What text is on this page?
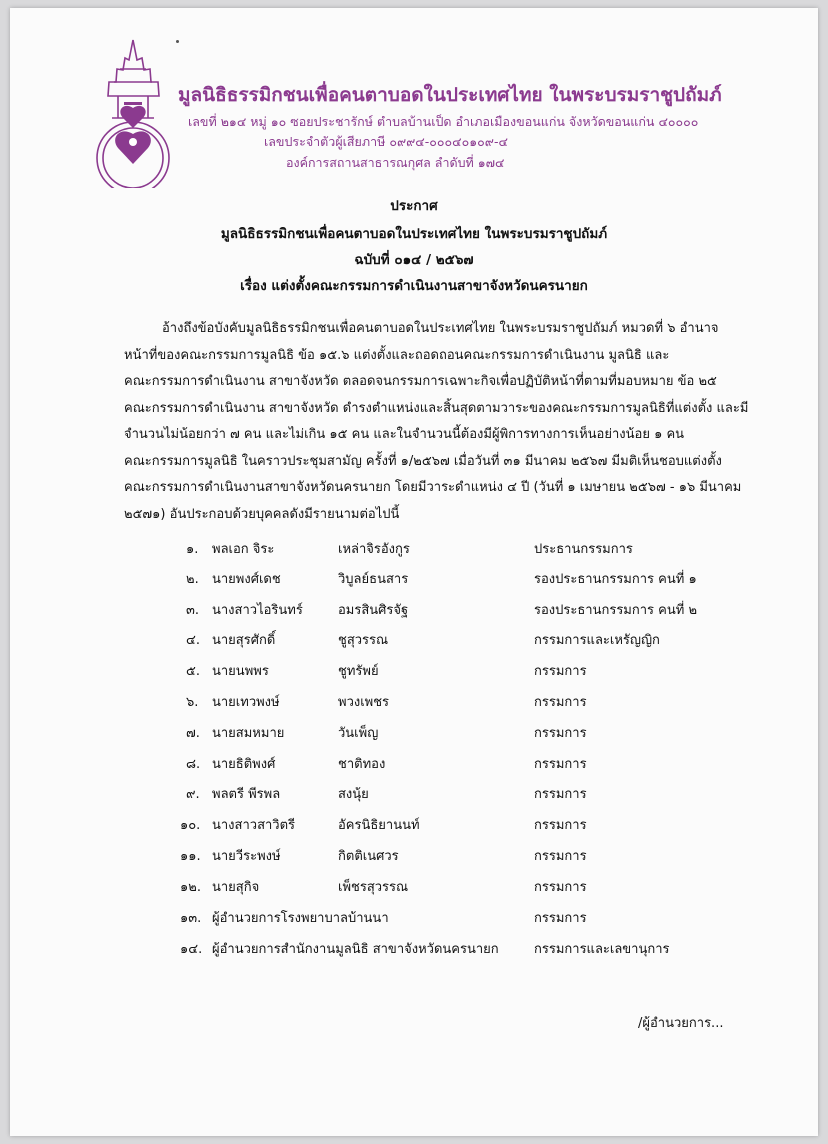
มูลนิธิธรรมิกชนเพื่อคนตาบอดในประเทศไทย ในพระบรมราชูปถัมภ์
เลขที่ ๒๑๔ หมู่ ๑๐ ซอยประชารักษ์ ตำบลบ้านเป็ด อำเภอเมืองขอนแก่น จังหวัดขอนแก่น ๔๐๐๐๐
เลขประจำตัวผู้เสียภาษี ๐๙๙๔-๐๐๐๔๐๑๐๙-๔
องค์การสถานสาธารณกุศล ลำดับที่ ๑๗๔
ประกาศ
มูลนิธิธรรมิกชนเพื่อคนตาบอดในประเทศไทย ในพระบรมราชูปถัมภ์
ฉบับที่ ๐๑๔ / ๒๕๖๗
เรื่อง แต่งตั้งคณะกรรมการดำเนินงานสาขาจังหวัดนครนายก
อ้างถึงข้อบังคับมูลนิธิธรรมิกชนเพื่อคนตาบอดในประเทศไทย ในพระบรมราชูปถัมภ์ หมวดที่ ๖ อำนาจ
หน้าที่ของคณะกรรมการมูลนิธิ ข้อ ๑๕.๖ แต่งตั้งและถอดถอนคณะกรรมการดำเนินงาน มูลนิธิ และ
คณะกรรมการดำเนินงาน สาขาจังหวัด ตลอดจนกรรมการเฉพาะกิจเพื่อปฏิบัติหน้าที่ตามที่มอบหมาย ข้อ ๒๕
คณะกรรมการดำเนินงาน สาขาจังหวัด ดำรงตำแหน่งและสิ้นสุดตามวาระของคณะกรรมการมูลนิธิที่แต่งตั้ง และมี
จำนวนไม่น้อยกว่า ๗ คน และไม่เกิน ๑๕ คน และในจำนวนนี้ต้องมีผู้พิการทางการเห็นอย่างน้อย ๑ คน
คณะกรรมการมูลนิธิ ในคราวประชุมสามัญ ครั้งที่ ๑/๒๕๖๗ เมื่อวันที่ ๓๑ มีนาคม ๒๕๖๗ มีมติเห็นชอบแต่งตั้ง
คณะกรรมการดำเนินงานสาขาจังหวัดนครนายก โดยมีวาระดำแหน่ง ๔ ปี (วันที่ ๑ เมษายน ๒๕๖๗ - ๑๖ มีนาคม
๒๕๗๑) อันประกอบด้วยบุคคลดังมีรายนามต่อไปนี้
๑. พลเอก จิระ	เหล่าจิรอังกูร	ประธานกรรมการ
๒. นายพงศ์เดช	วิบูลย์ธนสาร	รองประธานกรรมการ คนที่ ๑
๓. นางสาวไอรินทร์	อมรสินศิรจัฐ	รองประธานกรรมการ คนที่ ๒
๔. นายสุรศักดิ์	ชูสุวรรณ	กรรมการและเหรัญญิก
๕. นายนพพร	ชูทรัพย์	กรรมการ
๖. นายเทวพงษ์	พวงเพชร	กรรมการ
๗. นายสมหมาย	วันเพ็ญ	กรรมการ
๘. นายธิติพงศ์	ชาติทอง	กรรมการ
๙. พลตรี พีรพล	สงนุ้ย	กรรมการ
๑๐. นางสาวสาวิตรี	อัครนิธิยานนท์	กรรมการ
๑๑. นายวีระพงษ์	กิตติเนศวร	กรรมการ
๑๒. นายสุกิจ	เพ็ชรสุวรรณ	กรรมการ
๑๓. ผู้อำนวยการโรงพยาบาลบ้านนา	กรรมการ
๑๔. ผู้อำนวยการสำนักงานมูลนิธิ สาขาจังหวัดนครนายก	กรรมการและเลขานุการ
/ผู้อำนวยการ...
